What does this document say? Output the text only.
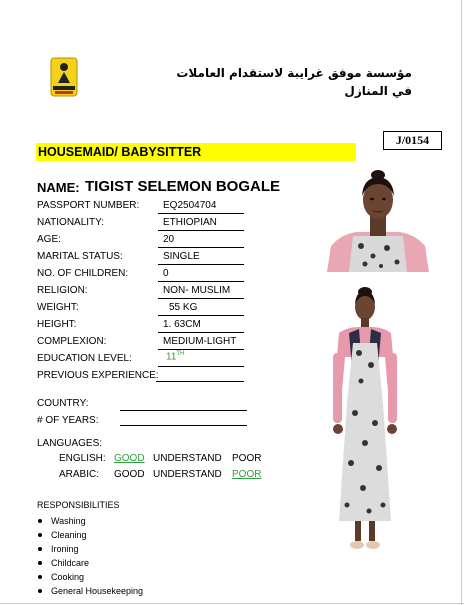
مؤسسة موفق غرايبة لاستقدام العاملات
في المنازل
J/0154
HOUSEMAID/ BABYSITTER
NAME: TIGIST SELEMON BOGALE
PASSPORT NUMBER: EQ2504704
NATIONALITY:	ETHIOPIAN
AGE:	20
MARITAL STATUS:	SINGLE
NO. OF CHILDREN:	0
RELIGION:	NON- MUSLIM
WEIGHT:	55 KG
HEIGHT:	1. 63CM
COMPLEXION:	MEDIUM-LIGHT
EDUCATION LEVEL:	11TH
PREVIOUS EXPERIENCE:
COUNTRY:
# OF YEARS:
LANGUAGES:
ENGLISH: GOOD UNDERSTAND POOR
ARABIC: GOOD UNDERSTAND POOR
RESPONSIBILITIES
Washing
Cleaning
Ironing
Childcare
Cooking
General Housekeeping
